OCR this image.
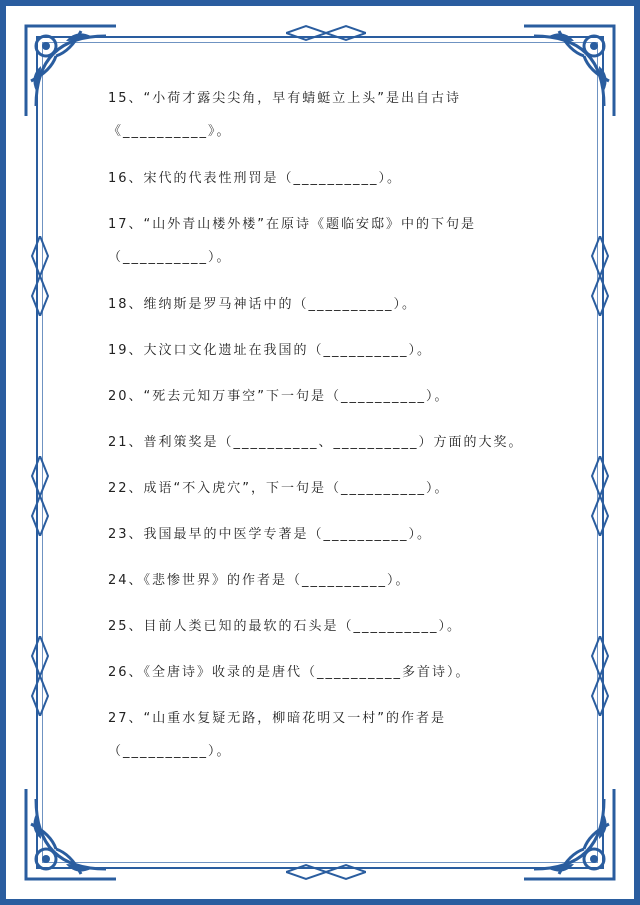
15、“小荷才露尖尖角，早有蜻蜓立上头”是出自古诗
《__________》。
16、宋代的代表性刑罚是（__________）。
17、“山外青山楼外楼”在原诗《题临安邸》中的下句是
（__________）。
18、维纳斯是罗马神话中的（__________）。
19、大汶口文化遗址在我国的（__________）。
20、“死去元知万事空”下一句是（__________）。
21、普利策奖是（__________、__________）方面的大奖。
22、成语“不入虎穴”，下一句是（__________）。
23、我国最早的中医学专著是（__________）。
24、《悲惨世界》的作者是（__________）。
25、目前人类已知的最软的石头是（__________）。
26、《全唐诗》收录的是唐代（__________多首诗）。
27、“山重水复疑无路，柳暗花明又一村”的作者是
（__________）。
